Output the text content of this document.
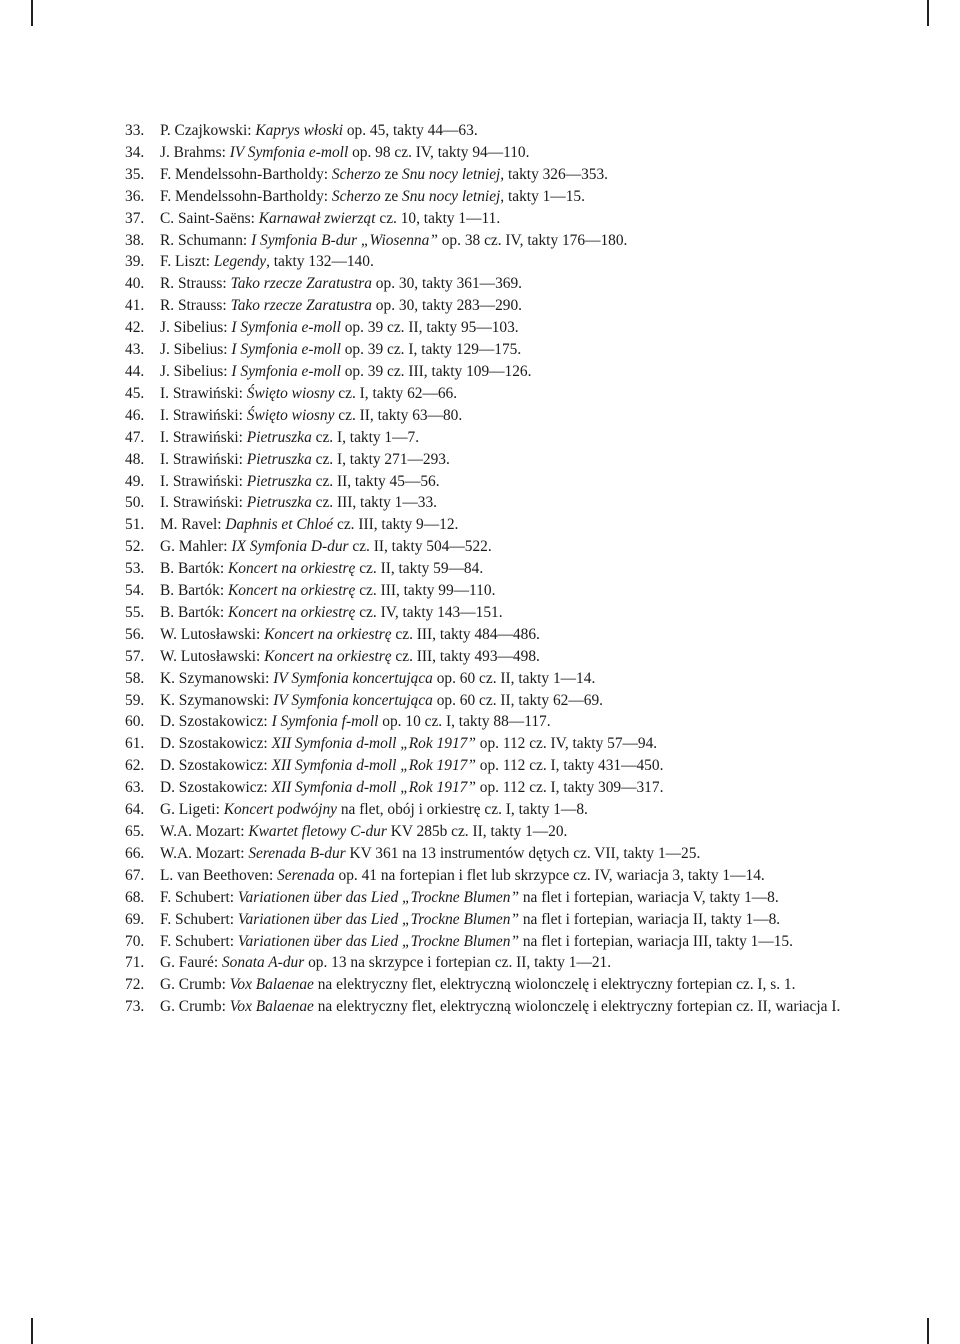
33. P. Czajkowski: Kaprys włoski op. 45, takty 44—63.
34. J. Brahms: IV Symfonia e-moll op. 98 cz. IV, takty 94—110.
35. F. Mendelssohn-Bartholdy: Scherzo ze Snu nocy letniej, takty 326—353.
36. F. Mendelssohn-Bartholdy: Scherzo ze Snu nocy letniej, takty 1—15.
37. C. Saint-Saëns: Karnawał zwierząt cz. 10, takty 1—11.
38. R. Schumann: I Symfonia B-dur „Wiosenna” op. 38 cz. IV, takty 176—180.
39. F. Liszt: Legendy, takty 132—140.
40. R. Strauss: Tako rzecze Zaratustra op. 30, takty 361—369.
41. R. Strauss: Tako rzecze Zaratustra op. 30, takty 283—290.
42. J. Sibelius: I Symfonia e-moll op. 39 cz. II, takty 95—103.
43. J. Sibelius: I Symfonia e-moll op. 39 cz. I, takty 129—175.
44. J. Sibelius: I Symfonia e-moll op. 39 cz. III, takty 109—126.
45. I. Strawiński: Święto wiosny cz. I, takty 62—66.
46. I. Strawiński: Święto wiosny cz. II, takty 63—80.
47. I. Strawiński: Pietruszka cz. I, takty 1—7.
48. I. Strawiński: Pietruszka cz. I, takty 271—293.
49. I. Strawiński: Pietruszka cz. II, takty 45—56.
50. I. Strawiński: Pietruszka cz. III, takty 1—33.
51. M. Ravel: Daphnis et Chloé cz. III, takty 9—12.
52. G. Mahler: IX Symfonia D-dur cz. II, takty 504—522.
53. B. Bartók: Koncert na orkiestrę cz. II, takty 59—84.
54. B. Bartók: Koncert na orkiestrę cz. III, takty 99—110.
55. B. Bartók: Koncert na orkiestrę cz. IV, takty 143—151.
56. W. Lutosławski: Koncert na orkiestrę cz. III, takty 484—486.
57. W. Lutosławski: Koncert na orkiestrę cz. III, takty 493—498.
58. K. Szymanowski: IV Symfonia koncertująca op. 60 cz. II, takty 1—14.
59. K. Szymanowski: IV Symfonia koncertująca op. 60 cz. II, takty 62—69.
60. D. Szostakowicz: I Symfonia f-moll op. 10 cz. I, takty 88—117.
61. D. Szostakowicz: XII Symfonia d-moll „Rok 1917” op. 112 cz. IV, takty 57—94.
62. D. Szostakowicz: XII Symfonia d-moll „Rok 1917” op. 112 cz. I, takty 431—450.
63. D. Szostakowicz: XII Symfonia d-moll „Rok 1917” op. 112 cz. I, takty 309—317.
64. G. Ligeti: Koncert podwójny na flet, obój i orkiestrę cz. I, takty 1—8.
65. W.A. Mozart: Kwartet fletowy C-dur KV 285b cz. II, takty 1—20.
66. W.A. Mozart: Serenada B-dur KV 361 na 13 instrumentów dętych cz. VII, takty 1—25.
67. L. van Beethoven: Serenada op. 41 na fortepian i flet lub skrzypce cz. IV, wariacja 3, takty 1—14.
68. F. Schubert: Variationen über das Lied „Trockne Blumen” na flet i fortepian, wariacja V, takty 1—8.
69. F. Schubert: Variationen über das Lied „Trockne Blumen” na flet i fortepian, wariacja II, takty 1—8.
70. F. Schubert: Variationen über das Lied „Trockne Blumen” na flet i fortepian, wariacja III, takty 1—15.
71. G. Fauré: Sonata A-dur op. 13 na skrzypce i fortepian cz. II, takty 1—21.
72. G. Crumb: Vox Balaenae na elektryczny flet, elektryczną wiolonczelę i elektryczny fortepian cz. I, s. 1.
73. G. Crumb: Vox Balaenae na elektryczny flet, elektryczną wiolonczelę i elektryczny fortepian cz. II, wariacja I.
